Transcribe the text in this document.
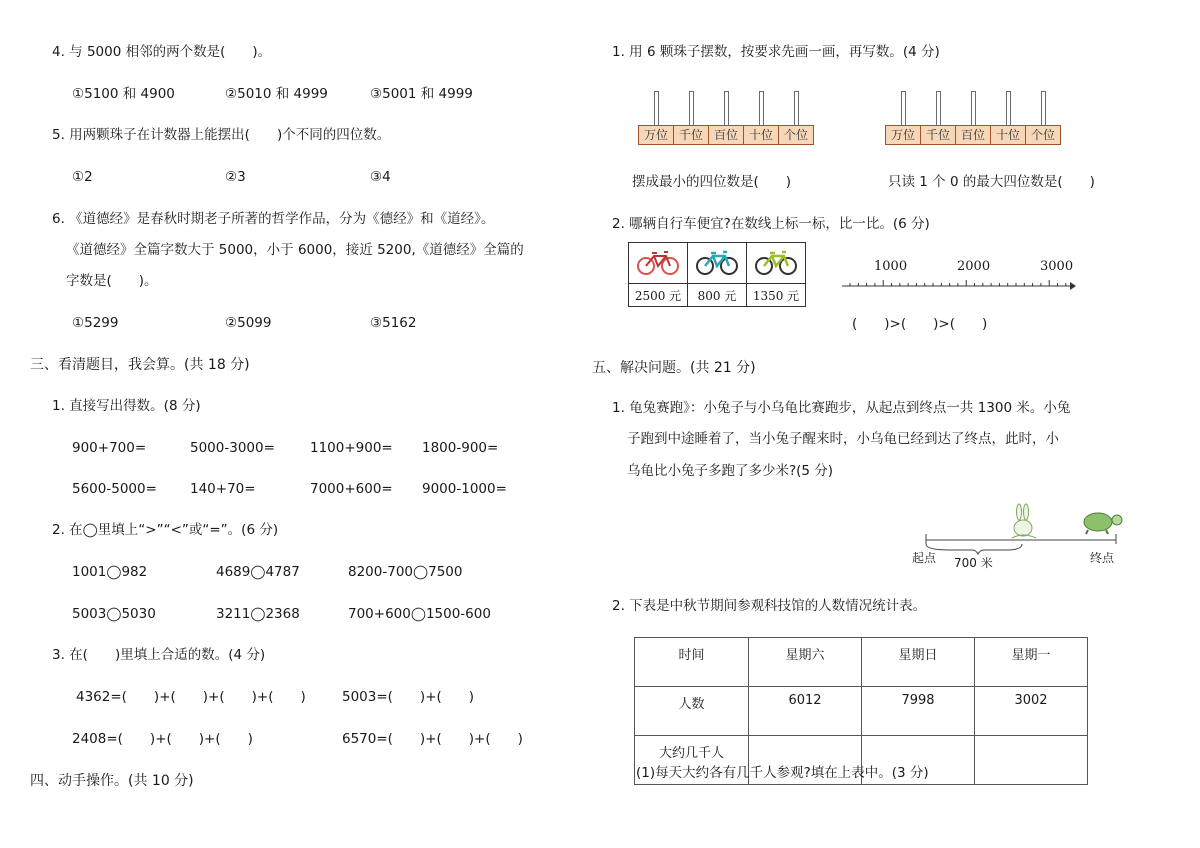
4. 与 5000 相邻的两个数是(　　)。
①5100 和 4900	②5010 和 4999	③5001 和 4999
5. 用两颗珠子在计数器上能摆出(　　)个不同的四位数。
①2	②3	③4
6. 《道德经》是春秋时期老子所著的哲学作品，分为《德经》和《道经》。
《道德经》全篇字数大于 5000，小于 6000，接近 5200,《道德经》全篇的
字数是(　　)。
①5299	②5099	③5162
三、看清题目，我会算。(共 18 分)
1. 直接写出得数。(8 分)
900+700=	5000-3000=	1100+900= 1800-900=
5600-5000= 140+70=	7000+600= 9000-1000=
2. 在◯里填上“>”“<”或“=”。(6 分)
1001◯982	4689◯4787	8200-700◯7500
5003◯5030	3211◯2368	700+600◯1500-600
3. 在(　　)里填上合适的数。(4 分)
4362=(　　)+(　　)+(　　)+(　　)	5003=(　　)+(　　)
2408=(　　)+(　　)+(　　)	6570=(　　)+(　　)+(　　)
四、动手操作。(共 10 分)
1. 用 6 颗珠子摆数，按要求先画一画，再写数。(4 分)
万位 千位 百位 十位 个位	万位 千位 百位 十位 个位
摆成最小的四位数是(　　)	只读 1 个 0 的最大四位数是(　　)
2. 哪辆自行车便宜?在数线上标一标，比一比。(6 分)

2500 元	800 元	1350 元
1000	2000	3000
(　　)>(　　)>(　　)
五、解决问题。(共 21 分)
1. 龟兔赛跑》：小兔子与小乌龟比赛跑步，从起点到终点一共 1300 米。小兔
子跑到中途睡着了，当小兔子醒来时，小乌龟已经到达了终点，此时，小
乌龟比小兔子多跑了多少米?(5 分)
起点 700 米	终点
2. 下表是中秋节期间参观科技馆的人数情况统计表。
时间	星期六	星期日	星期一
人数	6012	7998	3002
大约几千人			
(1)每天大约各有几千人参观?填在上表中。(3 分)
